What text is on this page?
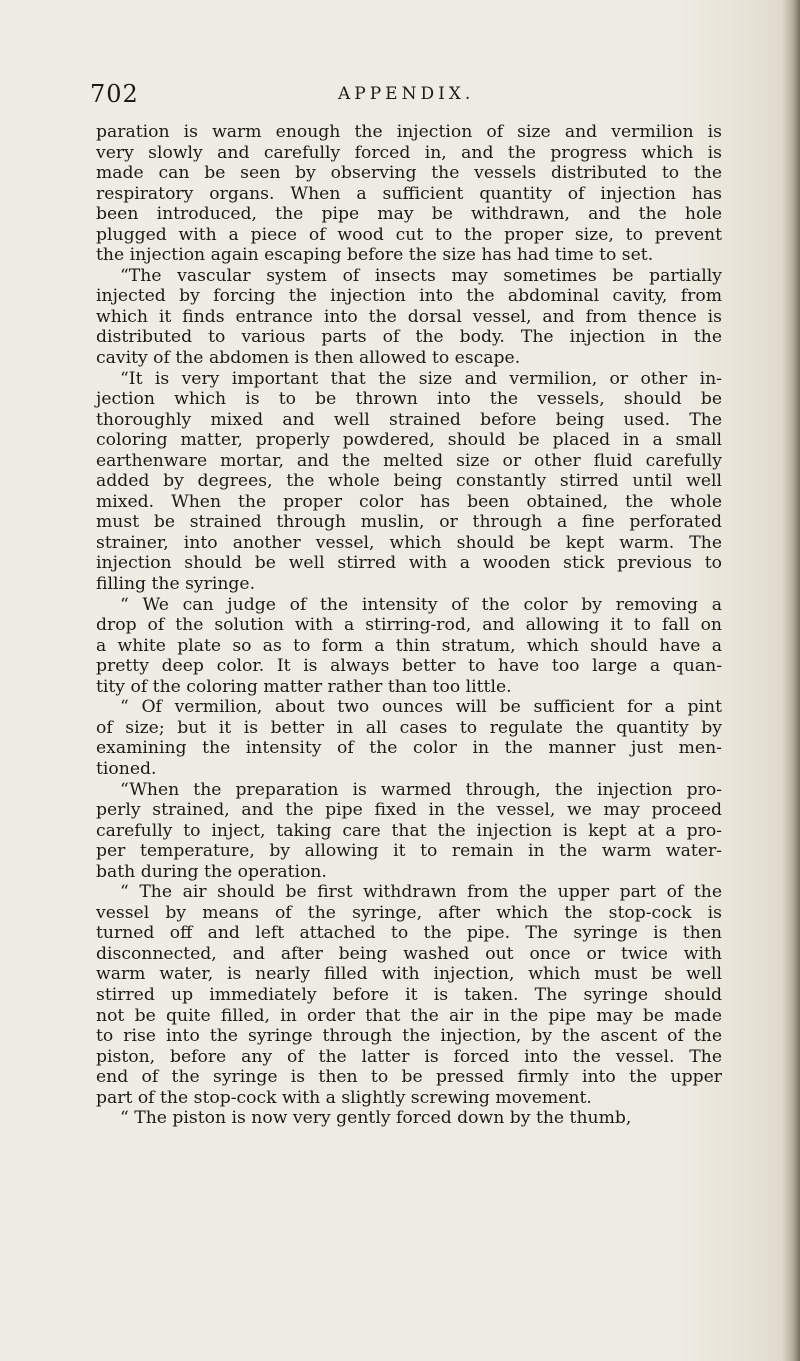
702	APPENDIX.
paration is warm enough the injection of size and vermilion is
very slowly and carefully forced in, and the progress which is
made can be seen by observing the vessels distributed to the
respiratory organs. When a sufficient quantity of injection has
been introduced, the pipe may be withdrawn, and the hole
plugged with a piece of wood cut to the proper size, to prevent
the injection again escaping before the size has had time to set.
“The vascular system of insects may sometimes be partially
injected by forcing the injection into the abdominal cavity, from
which it finds entrance into the dorsal vessel, and from thence is
distributed to various parts of the body. The injection in the
cavity of the abdomen is then allowed to escape.
“It is very important that the size and vermilion, or other in-
jection which is to be thrown into the vessels, should be
thoroughly mixed and well strained before being used. The
coloring matter, properly powdered, should be placed in a small
earthenware mortar, and the melted size or other fluid carefully
added by degrees, the whole being constantly stirred until well
mixed. When the proper color has been obtained, the whole
must be strained through muslin, or through a fine perforated
strainer, into another vessel, which should be kept warm. The
injection should be well stirred with a wooden stick previous to
filling the syringe.
“ We can judge of the intensity of the color by removing a
drop of the solution with a stirring-rod, and allowing it to fall on
a white plate so as to form a thin stratum, which should have a
pretty deep color. It is always better to have too large a quan-
tity of the coloring matter rather than too little.
“ Of vermilion, about two ounces will be sufficient for a pint
of size; but it is better in all cases to regulate the quantity by
examining the intensity of the color in the manner just men-
tioned.
“When the preparation is warmed through, the injection pro-
perly strained, and the pipe fixed in the vessel, we may proceed
carefully to inject, taking care that the injection is kept at a pro-
per temperature, by allowing it to remain in the warm water-
bath during the operation.
“ The air should be first withdrawn from the upper part of the
vessel by means of the syringe, after which the stop-cock is
turned off and left attached to the pipe. The syringe is then
disconnected, and after being washed out once or twice with
warm water, is nearly filled with injection, which must be well
stirred up immediately before it is taken. The syringe should
not be quite filled, in order that the air in the pipe may be made
to rise into the syringe through the injection, by the ascent of the
piston, before any of the latter is forced into the vessel. The
end of the syringe is then to be pressed firmly into the upper
part of the stop-cock with a slightly screwing movement.
“ The piston is now very gently forced down by the thumb,
